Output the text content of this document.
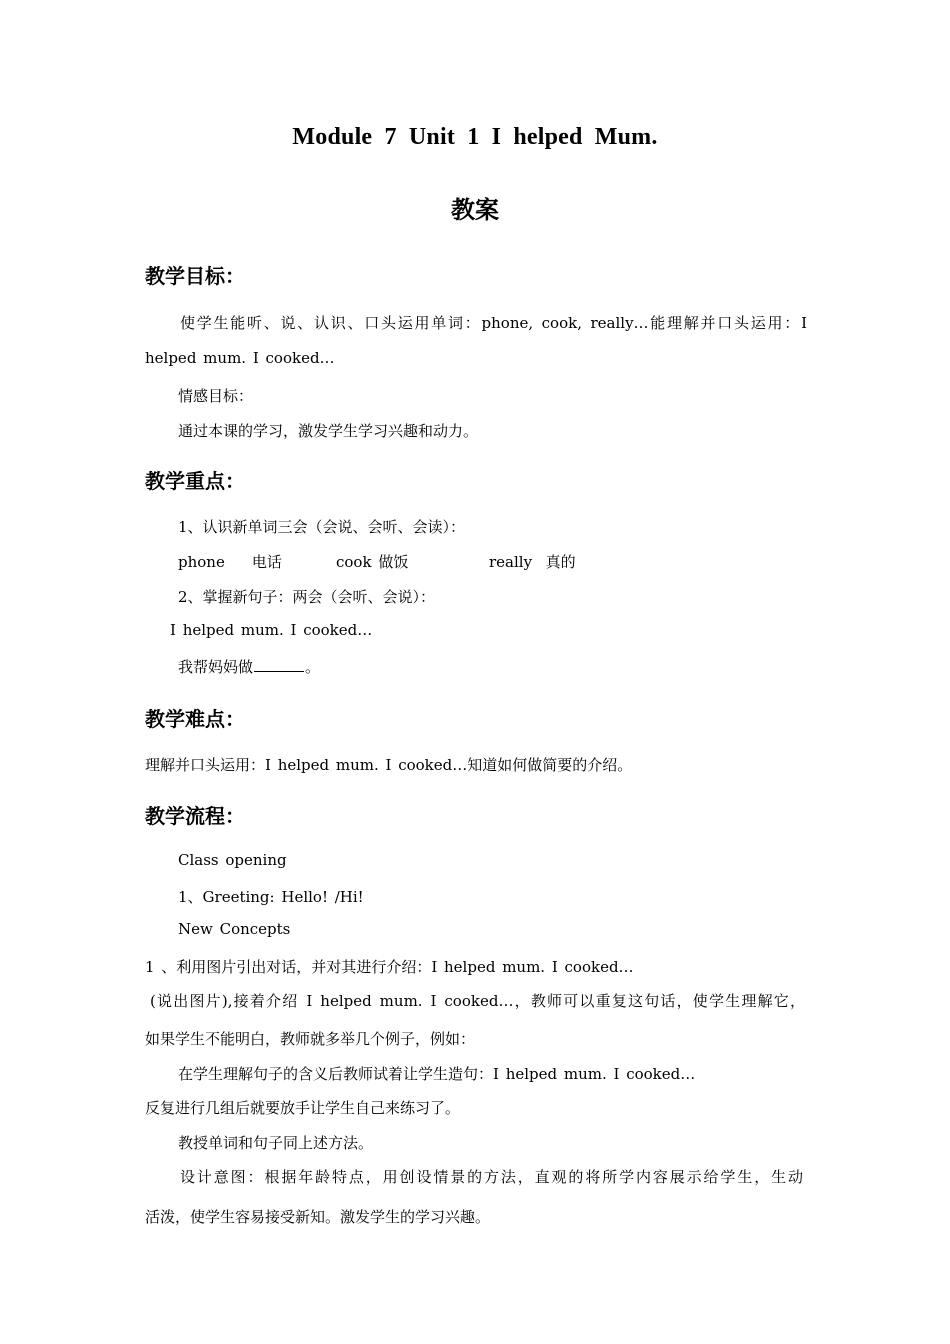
Module 7 Unit 1 I helped Mum.
教案
教学目标：
使学生能听、说、认识、口头运用单词：phone, cook, really…能理解并口头运用：I
helped mum. I cooked…
情感目标：
通过本课的学习，激发学生学习兴趣和动力。
教学重点：
1、认识新单词三会（会说、会听、会读）：
phone 电话	cook 做饭	really 真的
2、掌握新句子：两会（会听、会说）：
I helped mum. I cooked…
我帮妈妈做	。
教学难点：
理解并口头运用：I helped mum. I cooked…知道如何做简要的介绍。
教学流程：
Class opening
1、Greeting: Hello! /Hi!
New Concepts
1 、利用图片引出对话，并对其进行介绍：I helped mum. I cooked…
(说出图片),接着介绍 I helped mum. I cooked…，教师可以重复这句话，使学生理解它，
如果学生不能明白，教师就多举几个例子，例如：
在学生理解句子的含义后教师试着让学生造句：I helped mum. I cooked…
反复进行几组后就要放手让学生自己来练习了。
教授单词和句子同上述方法。
设计意图：根据年龄特点，用创设情景的方法，直观的将所学内容展示给学生，生动
活泼，使学生容易接受新知。激发学生的学习兴趣。
